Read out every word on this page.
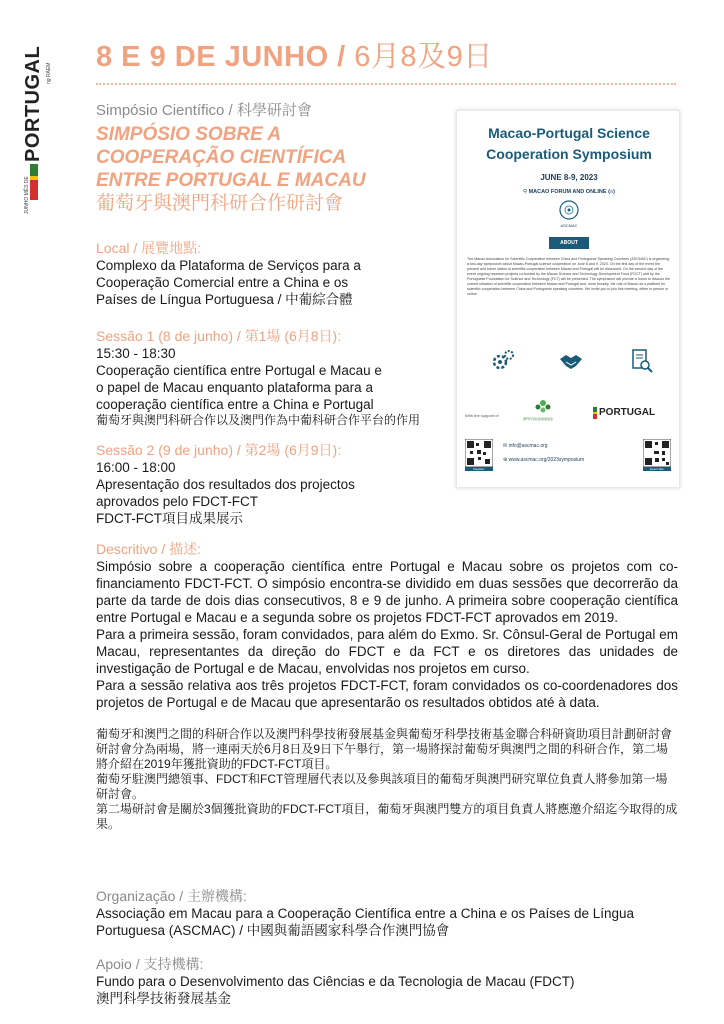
JUNHO MÊS DE
PORTUGAL ng RAEM
8 E 9 DE JUNHO / 6月8及9日
Simpósio Científico / 科學研討會
SIMPÓSIO SOBRE A
COOPERAÇÃO CIENTÍFICA
ENTRE PORTUGAL E MACAU
葡萄牙與澳門科研合作研討會
Local / 展覽地點:
Complexo da Plataforma de Serviços para a
Cooperação Comercial entre a China e os
Países de Língua Portuguesa / 中葡綜合體
Sessão 1 (8 de junho) / 第1場 (6月8日):
15:30 - 18:30
Cooperação científica entre Portugal e Macau e
o papel de Macau enquanto plataforma para a
cooperação científica entre a China e Portugal
葡萄牙與澳門科研合作以及澳門作為中葡科研合作平台的作用
Sessão 2 (9 de junho) / 第2場 (6月9日):
16:00 - 18:00
Apresentação dos resultados dos projectos
aprovados pelo FDCT-FCT
FDCT-FCT項目成果展示
Descritivo / 描述:
Simpósio sobre a cooperação científica entre Portugal e Macau sobre os projetos com co-financiamento FDCT-FCT. O simpósio encontra-se dividido em duas sessões que decorrerão da parte da tarde de dois dias consecutivos, 8 e 9 de junho. A primeira sobre cooperação científica entre Portugal e Macau e a segunda sobre os projetos FDCT-FCT aprovados em 2019.
Para a primeira sessão, foram convidados, para além do Exmo. Sr. Cônsul-Geral de Portugal em Macau, representantes da direção do FDCT e da FCT e os diretores das unidades de investigação de Portugal e de Macau, envolvidas nos projetos em curso.
Para a sessão relativa aos três projetos FDCT-FCT, foram convidados os co-coordenadores dos projetos de Portugal e de Macau que apresentarão os resultados obtidos até à data.
葡萄牙和澳門之間的科研合作以及澳門科學技術發展基金與葡萄牙科學技術基金聯合科研資助項目計劃研討會
研討會分為兩場，將一連兩天於6月8日及9日下午舉行，第一場將探討葡萄牙與澳門之間的科研合作，第二場將介紹在2019年獲批資助的FDCT-FCT項目。
葡萄牙駐澳門總領事、FDCT和FCT管理層代表以及參與該項目的葡萄牙與澳門研究單位負責人將參加第一場研討會。
第二場研討會是關於3個獲批資助的FDCT-FCT項目，葡萄牙與澳門雙方的項目負責人將應邀介紹迄今取得的成果。
Organização / 主辦機構:
Associação em Macau para a Cooperação Científica entre a China e os Países de Língua
Portuguesa (ASCMAC) / 中國與葡語國家科學合作澳門協會
Apoio / 支持機構:
Fundo para o Desenvolvimento das Ciências e da Tecnologia de Macau (FDCT)
澳門科學技術發展基金
Macao-Portugal Science
Cooperation Symposium
JUNE 8-9, 2023
⚲ MACAO FORUM AND ONLINE (≡)
ASCMAC
ABOUT
The Macao Association for Scientific Cooperation between China and Portuguese Speaking Countries (ASCMAC) is organizing a two-day symposium about Macao-Portugal science cooperation on June 8 and 9, 2023. On the first day of the event the present and future status of scientific cooperation between Macao and Portugal will be discussed. On the second day of the event ongoing research projects co-funded by the Macao Science and Technology Development Fund (FDCT) and by the Portuguese Foundation for Science and Technology (FCT) will be presented. The symposium will provide a forum to discuss the current situation of scientific cooperation between Macao and Portugal and, more broadly, the role of Macao as a platform for scientific cooperation between China and Portuguese speaking countries. We invite you to join this meeting, either in person or online.
With the support of
澳門科學技術發展基金
PORTUGAL
Register
✉ info@ascmac.org
⊕ www.ascmac.org/2023symposium
Event Site
